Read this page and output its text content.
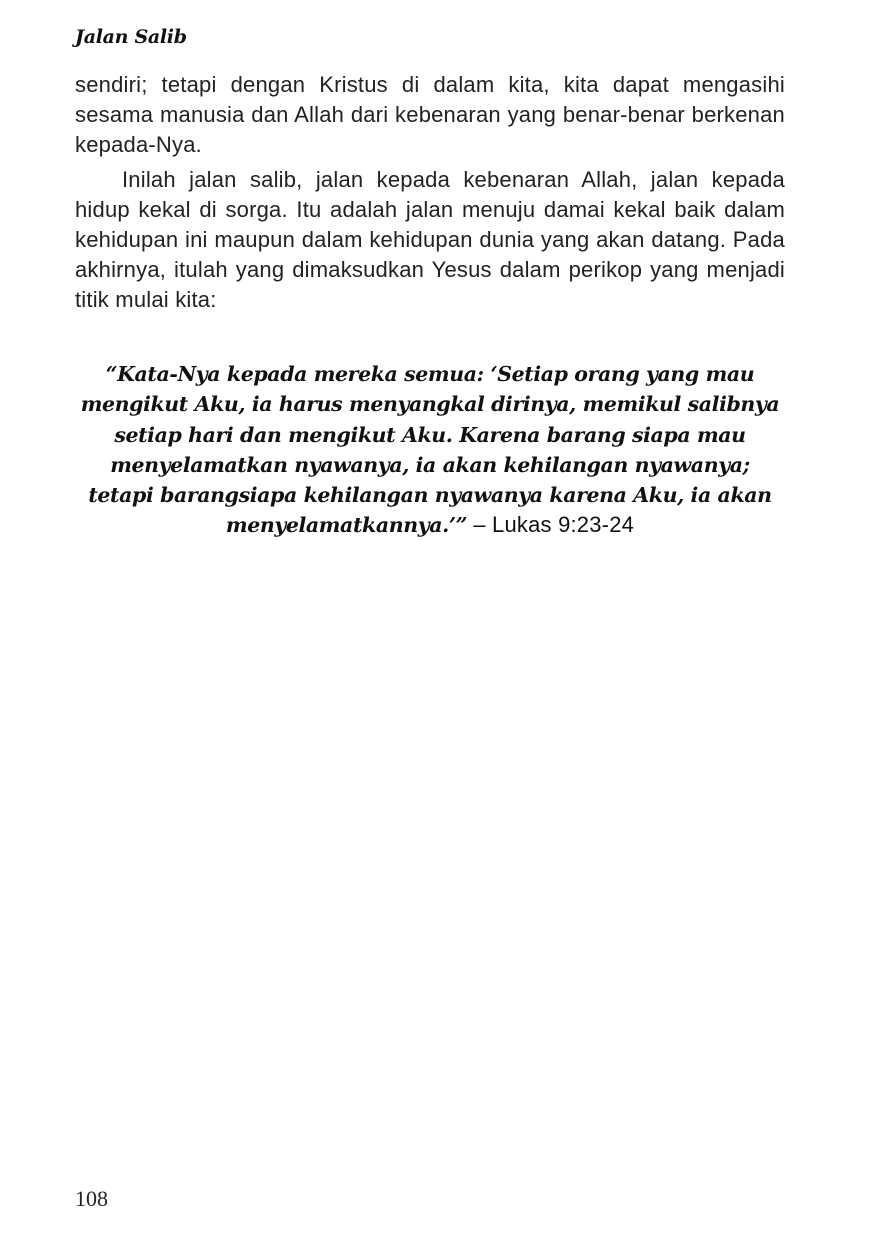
Jalan Salib

sendiri; tetapi dengan Kristus di dalam kita, kita dapat mengasihi sesama manusia dan Allah dari kebenaran yang benar-benar berkenan kepada-Nya.

Inilah jalan salib, jalan kepada kebenaran Allah, jalan kepada hidup kekal di sorga. Itu adalah jalan menuju damai kekal baik dalam kehidupan ini maupun dalam kehidupan dunia yang akan datang. Pada akhirnya, itulah yang dimaksudkan Yesus dalam perikop yang menjadi titik mulai kita:

“Kata-Nya kepada mereka semua: ‘Setiap orang yang mau mengikut Aku, ia harus menyangkal dirinya, memikul salibnya setiap hari dan mengikut Aku. Karena barang siapa mau menyelamatkan nyawanya, ia akan kehilangan nyawanya; tetapi barangsiapa kehilangan nyawanya karena Aku, ia akan menyelamatkannya.’” – Lukas 9:23-24
108
